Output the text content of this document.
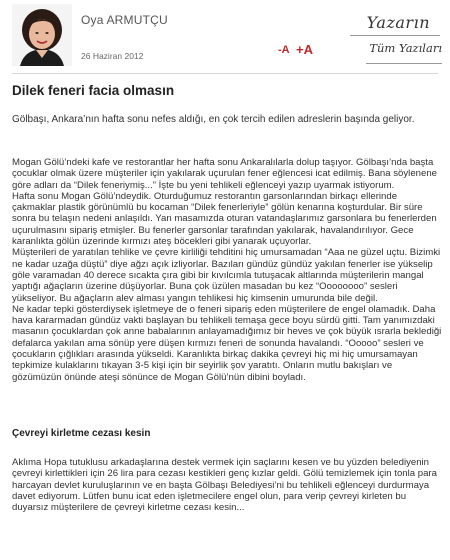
Oya ARMUTÇU
26 Haziran 2012	-A +A
Yazarın
Tüm Yazıları
Dilek feneri facia olmasın
Gölbaşı, Ankara’nın hafta sonu nefes aldığı, en çok tercih edilen adreslerin başında geliyor.

Mogan Gölü’ndeki kafe ve restorantlar her hafta sonu Ankaralılarla dolup taşıyor. Gölbaşı’nda başta çocuklar olmak üzere müşteriler için yakılarak uçurulan fener eğlencesi icat edilmiş. Bana söylenene göre adları da “Dilek feneriymiş...” İşte bu yeni tehlikeli eğlenceyi yazıp uyarmak istiyorum.

Hafta sonu Mogan Gölü’ndeydik. Oturduğumuz restorantın garsonlarından birkaçı ellerinde çakmaklar plastik görünümlü bu kocaman “Dilek fenerleriyle” gölün kenarına koşturdular. Bir süre sonra bu telaşın nedeni anlaşıldı. Yan masamızda oturan vatandaşlarımız garsonlara bu fenerlerden uçurulmasını sipariş etmişler. Bu fenerler garsonlar tarafından yakılarak, havalandırılıyor. Gece karanlıkta gölün üzerinde kırmızı ateş böcekleri gibi yanarak uçuyorlar.

Müşterileri de yaratılan tehlike ve çevre kirliliği tehditini hiç umursamadan “Aaa ne güzel uçtu. Bizimki ne kadar uzağa düştü” diye ağzı açık izliyorlar. Bazıları gündüz gündüz yakılan fenerler ise yükselip göle varamadan 40 derece sıcakta çıra gibi bir kıvılcımla tutuşacak altlarında müşterilerin mangal yaptığı ağaçların üzerine düşüyorlar. Buna çok üzülen masadan bu kez “Oooooooo” sesleri yükseliyor. Bu ağaçların alev alması yangın tehlikesi hiç kimsenin umurunda bile değil.

Ne kadar tepki gösterdiysek işletmeye de o feneri sipariş eden müşterilere de engel olamadık. Daha hava kararmadan gündüz vakti başlayan bu tehlikeli temaşa gece boyu sürdü gitti. Tam yanımızdaki masanın çocuklardan çok anne babalarının anlayamadığımız bir heves ve çok büyük ısrarla beklediği defalarca yakılan ama sönüp yere düşen kırmızı feneri de sonunda havalandı. “Ooooo” sesleri ve çocukların çığlıkları arasında yükseldi. Karanlıkta birkaç dakika çevreyi hiç mi hiç umursamayan tepkimize kulaklarını tıkayan 3-5 kişi için bir seyirlik şov yaratıtı. Onların mutlu bakışları ve gözümüzün önünde ateşi sönünce de Mogan Gölü’nün dibini boyladı.

Çevreyi kirletme cezası kesin

Aklıma Hopa tutuklusu arkadaşlarına destek vermek için saçlarını kesen ve bu yüzden belediyenin çevreyi kirlettikleri için 26 lira para cezası kestikleri genç kızlar geldi. Gölü temizlemek için tonla para harcayan devlet kuruluşlarının ve en başta Gölbaşı Belediyesi’ni bu tehlikeli eğlenceyi durdurmaya davet ediyorum. Lütfen bunu icat eden işletmecilere engel olun, para verip çevreyi kirleten bu duyarsız müşterilere de çevreyi kirletme cezası kesin...
